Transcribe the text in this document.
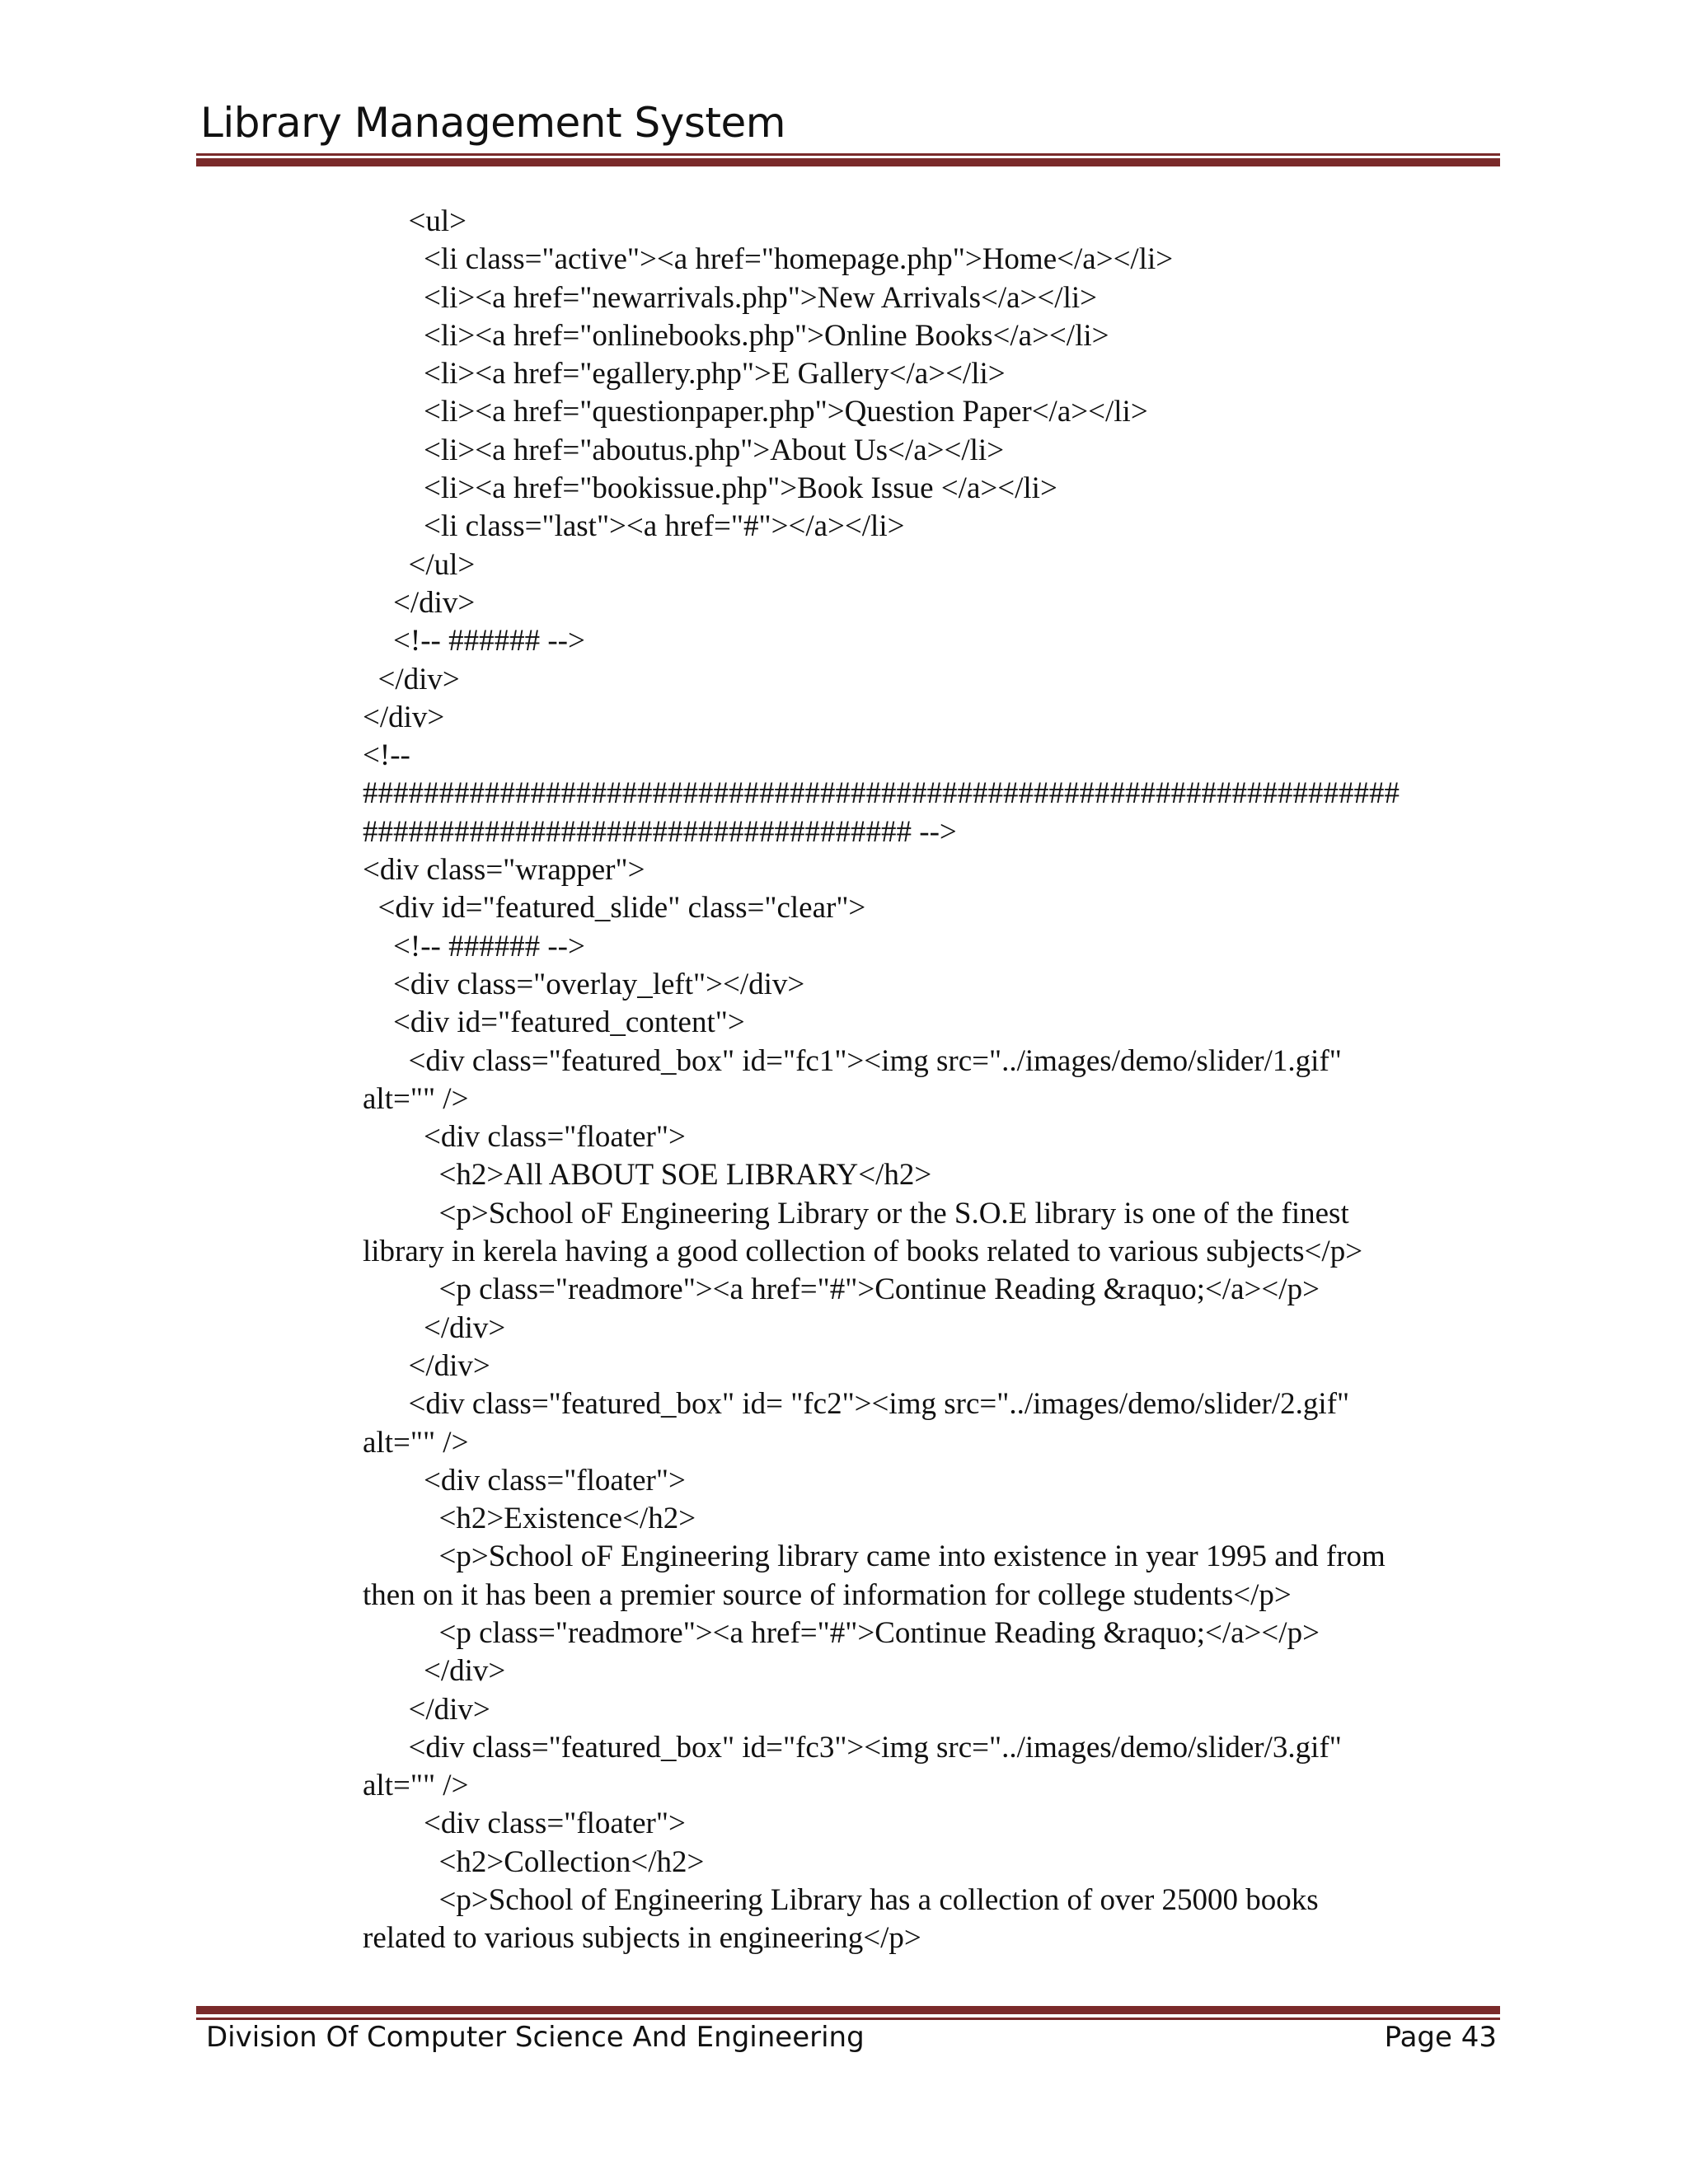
Library Management System
<ul>
<li class="active"><a href="homepage.php">Home</a></li>
<li><a href="newarrivals.php">New Arrivals</a></li>
<li><a href="onlinebooks.php">Online Books</a></li>
<li><a href="egallery.php">E Gallery</a></li>
<li><a href="questionpaper.php">Question Paper</a></li>
<li><a href="aboutus.php">About Us</a></li>
<li><a href="bookissue.php">Book Issue </a></li>
<li class="last"><a href="#"></a></li>
</ul>
</div>
<!-- ###### -->
</div>
</div>
<!--
####################################################################
#################################### -->
<div class="wrapper">
<div id="featured_slide" class="clear">
<!-- ###### -->
<div class="overlay_left"></div>
<div id="featured_content">
<div class="featured_box" id="fc1"><img src="../images/demo/slider/1.gif"
alt="" />
<div class="floater">
<h2>All ABOUT SOE LIBRARY</h2>
<p>School oF Engineering Library or the S.O.E library is one of the finest
library in kerela having a good collection of books related to various subjects</p>
<p class="readmore"><a href="#">Continue Reading &raquo;</a></p>
</div>
</div>
<div class="featured_box" id= "fc2"><img src="../images/demo/slider/2.gif"
alt="" />
<div class="floater">
<h2>Existence</h2>
<p>School oF Engineering library came into existence in year 1995 and from
then on it has been a premier source of information for college students</p>
<p class="readmore"><a href="#">Continue Reading &raquo;</a></p>
</div>
</div>
<div class="featured_box" id="fc3"><img src="../images/demo/slider/3.gif"
alt="" />
<div class="floater">
<h2>Collection</h2>
<p>School of Engineering Library has a collection of over 25000 books
related to various subjects in engineering</p>
Division Of Computer Science And Engineering	Page 43
